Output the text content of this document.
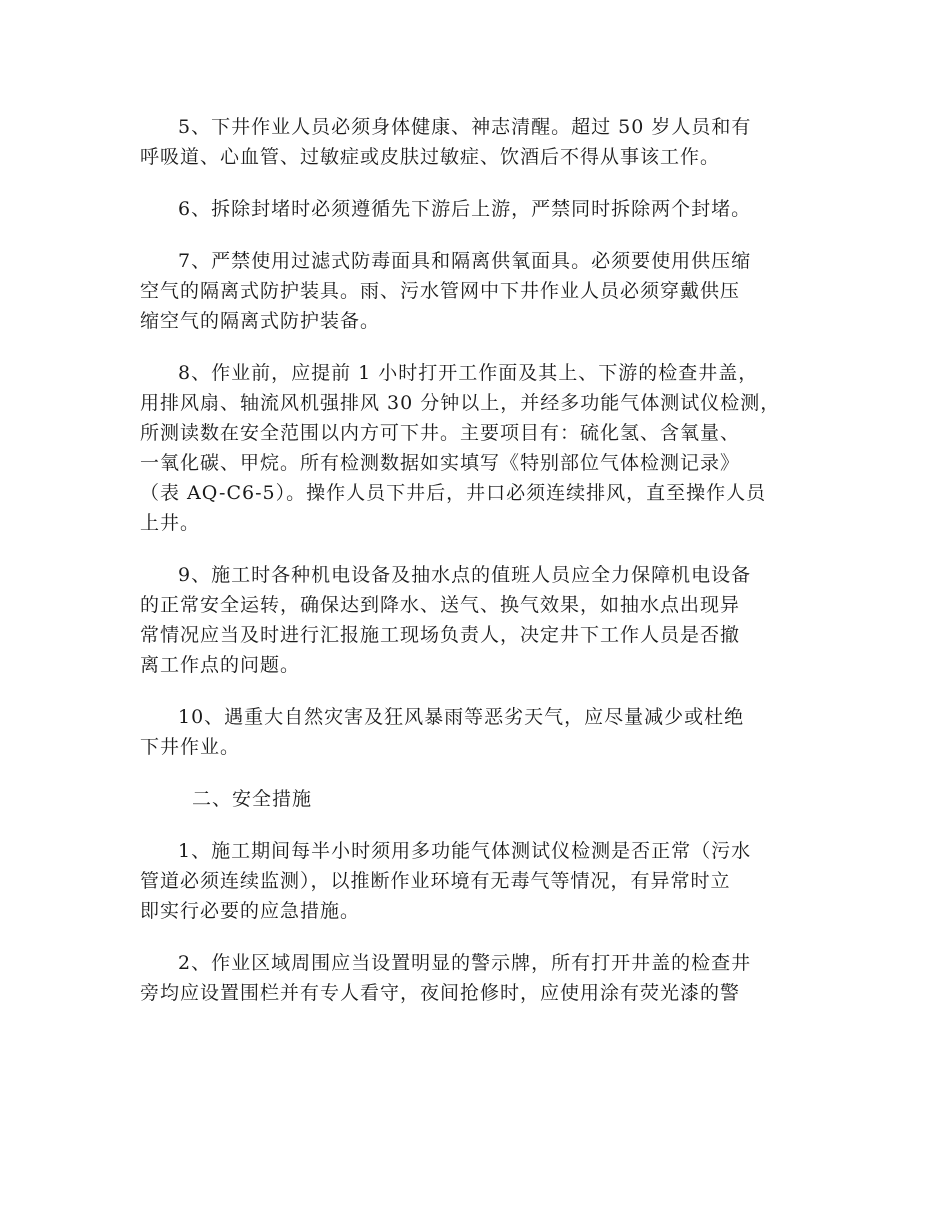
5、下井作业人员必须身体健康、神志清醒。超过 50 岁人员和有
呼吸道、心血管、过敏症或皮肤过敏症、饮酒后不得从事该工作。
6、拆除封堵时必须遵循先下游后上游，严禁同时拆除两个封堵。
7、严禁使用过滤式防毒面具和隔离供氧面具。必须要使用供压缩
空气的隔离式防护装具。雨、污水管网中下井作业人员必须穿戴供压
缩空气的隔离式防护装备。
8、作业前，应提前 1 小时打开工作面及其上、下游的检查井盖，
用排风扇、轴流风机强排风 30 分钟以上，并经多功能气体测试仪检测，
所测读数在安全范围以内方可下井。主要项目有：硫化氢、含氧量、
一氧化碳、甲烷。所有检测数据如实填写《特别部位气体检测记录》
（表 AQ-C6-5）。操作人员下井后，井口必须连续排风，直至操作人员
上井。
9、施工时各种机电设备及抽水点的值班人员应全力保障机电设备
的正常安全运转，确保达到降水、送气、换气效果，如抽水点出现异
常情况应当及时进行汇报施工现场负责人，决定井下工作人员是否撤
离工作点的问题。
10、遇重大自然灾害及狂风暴雨等恶劣天气，应尽量减少或杜绝
下井作业。
二、安全措施
1、施工期间每半小时须用多功能气体测试仪检测是否正常（污水
管道必须连续监测），以推断作业环境有无毒气等情况，有异常时立
即实行必要的应急措施。
2、作业区域周围应当设置明显的警示牌，所有打开井盖的检查井
旁均应设置围栏并有专人看守，夜间抢修时，应使用涂有荧光漆的警
